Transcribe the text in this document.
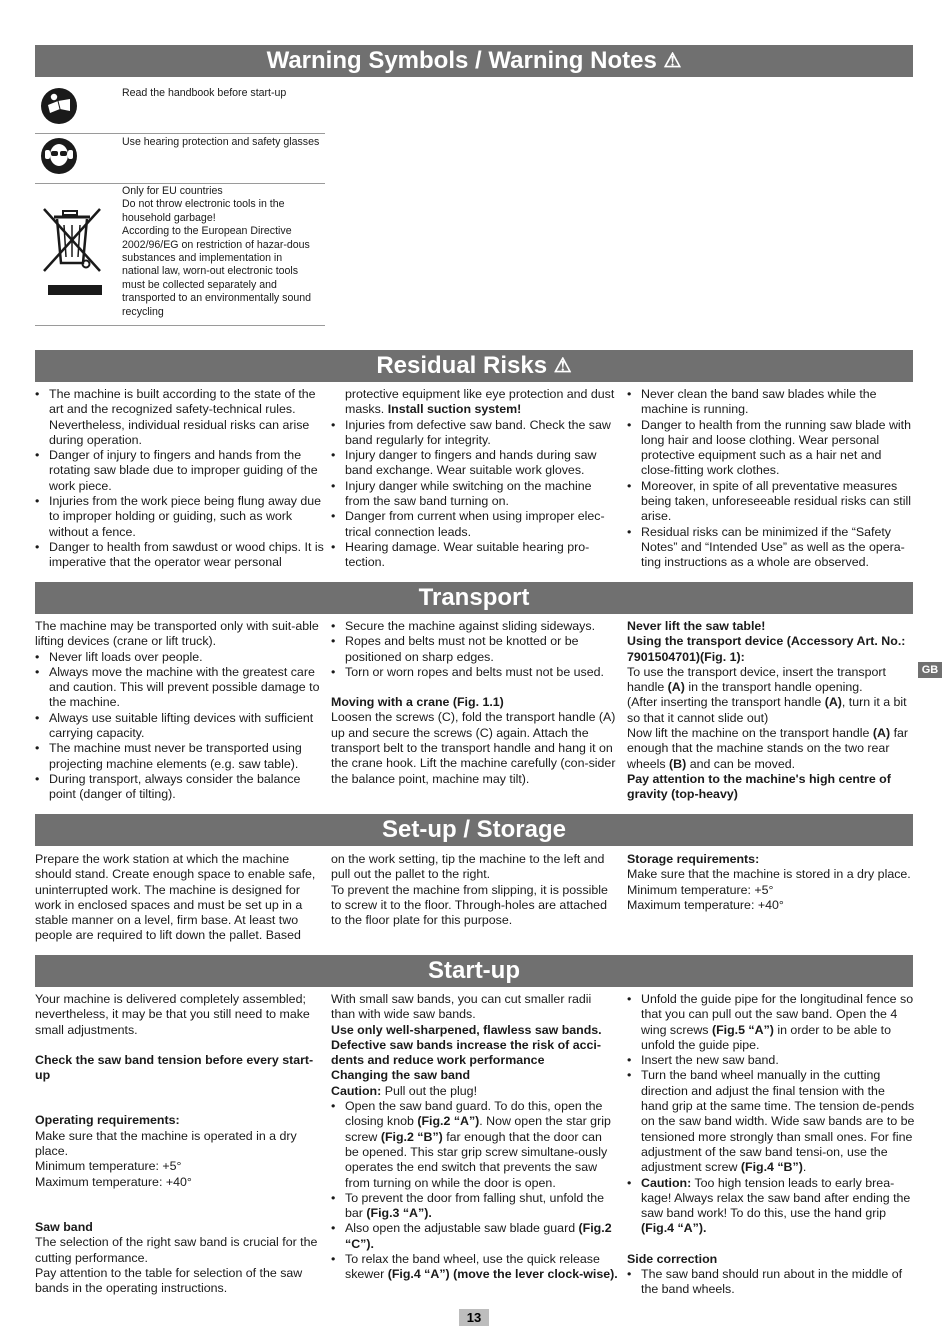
Warning Symbols / Warning Notes ⚠
Read the handbook before start-up
Use hearing protection and safety glasses
Only for EU countries
Do not throw electronic tools in the household garbage!
According to the European Directive 2002/96/EG on restriction of hazar-dous substances and implementation in national law, worn-out electronic tools must be collected separately and transported to an environmentally sound recycling
Residual Risks ⚠
• The machine is built according to the state of the art and the recognized safety-technical rules. Nevertheless, individual residual risks can arise during operation.
• Danger of injury to fingers and hands from the rotating saw blade due to improper guiding of the work piece.
• Injuries from the work piece being flung away due to improper holding or guiding, such as work without a fence.
• Danger to health from sawdust or wood chips. It is imperative that the operator wear personal

protective equipment like eye protection and dust masks. Install suction system!

• Injuries from defective saw band. Check the saw band regularly for integrity.
• Injury danger to fingers and hands during saw band exchange. Wear suitable work gloves.
• Injury danger while switching on the machine from the saw band turning on.
• Danger from current when using improper elec-trical connection leads.
• Hearing damage. Wear suitable hearing pro-tection.
• Never clean the band saw blades while the machine is running.
• Danger to health from the running saw blade with long hair and loose clothing. Wear personal protective equipment such as a hair net and close-fitting work clothes.
• Moreover, in spite of all preventative measures being taken, unforeseeable residual risks can still arise.
• Residual risks can be minimized if the “Safety Notes” and “Intended Use” as well as the opera-ting instructions as a whole are observed.
Transport

The machine may be transported only with suit-able lifting devices (crane or lift truck).

• Never lift loads over people.
• Always move the machine with the greatest care and caution. This will prevent possible damage to the machine.
• Always use suitable lifting devices with sufficient carrying capacity.
• The machine must never be transported using projecting machine elements (e.g. saw table).
• During transport, always consider the balance point (danger of tilting).
• Secure the machine against sliding sideways.
• Ropes and belts must not be knotted or be positioned on sharp edges.
• Torn or worn ropes and belts must not be used.

Moving with a crane (Fig. 1.1)

Loosen the screws (C), fold the transport handle (A) up and secure the screws (C) again. Attach the transport belt to the transport handle and hang it on the crane hook. Lift the machine carefully (con-sider the balance point, machine may tilt).

Never lift the saw table!

Using the transport device (Accessory Art. No.: 7901504701)(Fig. 1):

To use the transport device, insert the transport handle (A) in the transport handle opening.

(After inserting the transport handle (A), turn it a bit so that it cannot slide out)

Now lift the machine on the transport handle (A) far enough that the machine stands on the two rear wheels (B) and can be moved.

Pay attention to the machine's high centre of gravity (top-heavy)

GB
Set-up / Storage

Prepare the work station at which the machine should stand. Create enough space to enable safe, uninterrupted work. The machine is designed for work in enclosed spaces and must be set up in a stable manner on a level, firm base. At least two people are required to lift down the pallet. Based

on the work setting, tip the machine to the left and pull out the pallet to the right.
To prevent the machine from slipping, it is possible to screw it to the floor. Through-holes are attached to the floor plate for this purpose.

Storage requirements:

Make sure that the machine is stored in a dry place.

Minimum temperature: +5°

Maximum temperature: +40°

Start-up

Your machine is delivered completely assembled; nevertheless, it may be that you still need to make small adjustments.

Check the saw band tension before every start-up

Operating requirements:

Make sure that the machine is operated in a dry place.

Minimum temperature: +5°

Maximum temperature: +40°

Saw band

The selection of the right saw band is crucial for the cutting performance.

Pay attention to the table for selection of the saw bands in the operating instructions.

With small saw bands, you can cut smaller radii than with wide saw bands.

Use only well-sharpened, flawless saw bands. Defective saw bands increase the risk of acci-dents and reduce work performance

Changing the saw band

Caution: Pull out the plug!

• Open the saw band guard. To do this, open the closing knob (Fig.2 “A”). Now open the star grip screw (Fig.2 “B”) far enough that the door can be opened. This star grip screw simultane-ously operates the end switch that prevents the saw from turning on while the door is open.
• To prevent the door from falling shut, unfold the bar (Fig.3 “A”).
• Also open the adjustable saw blade guard (Fig.2 “C”).
• To relax the band wheel, use the quick release skewer (Fig.4 “A”) (move the lever clock-wise).
• Unfold the guide pipe for the longitudinal fence so that you can pull out the saw band. Open the 4 wing screws (Fig.5 “A”) in order to be able to unfold the guide pipe.
• Insert the new saw band.
• Turn the band wheel manually in the cutting direction and adjust the final tension with the hand grip at the same time. The tension de-pends on the saw band width. Wide saw bands are to be tensioned more strongly than small ones. For fine adjustment of the saw band tensi-on, use the adjustment screw (Fig.4 “B”).
• Caution: Too high tension leads to early brea-kage! Always relax the saw band after ending the saw band work! To do this, use the hand grip (Fig.4 “A”).

Side correction

• The saw band should run about in the middle of the band wheels.
13
